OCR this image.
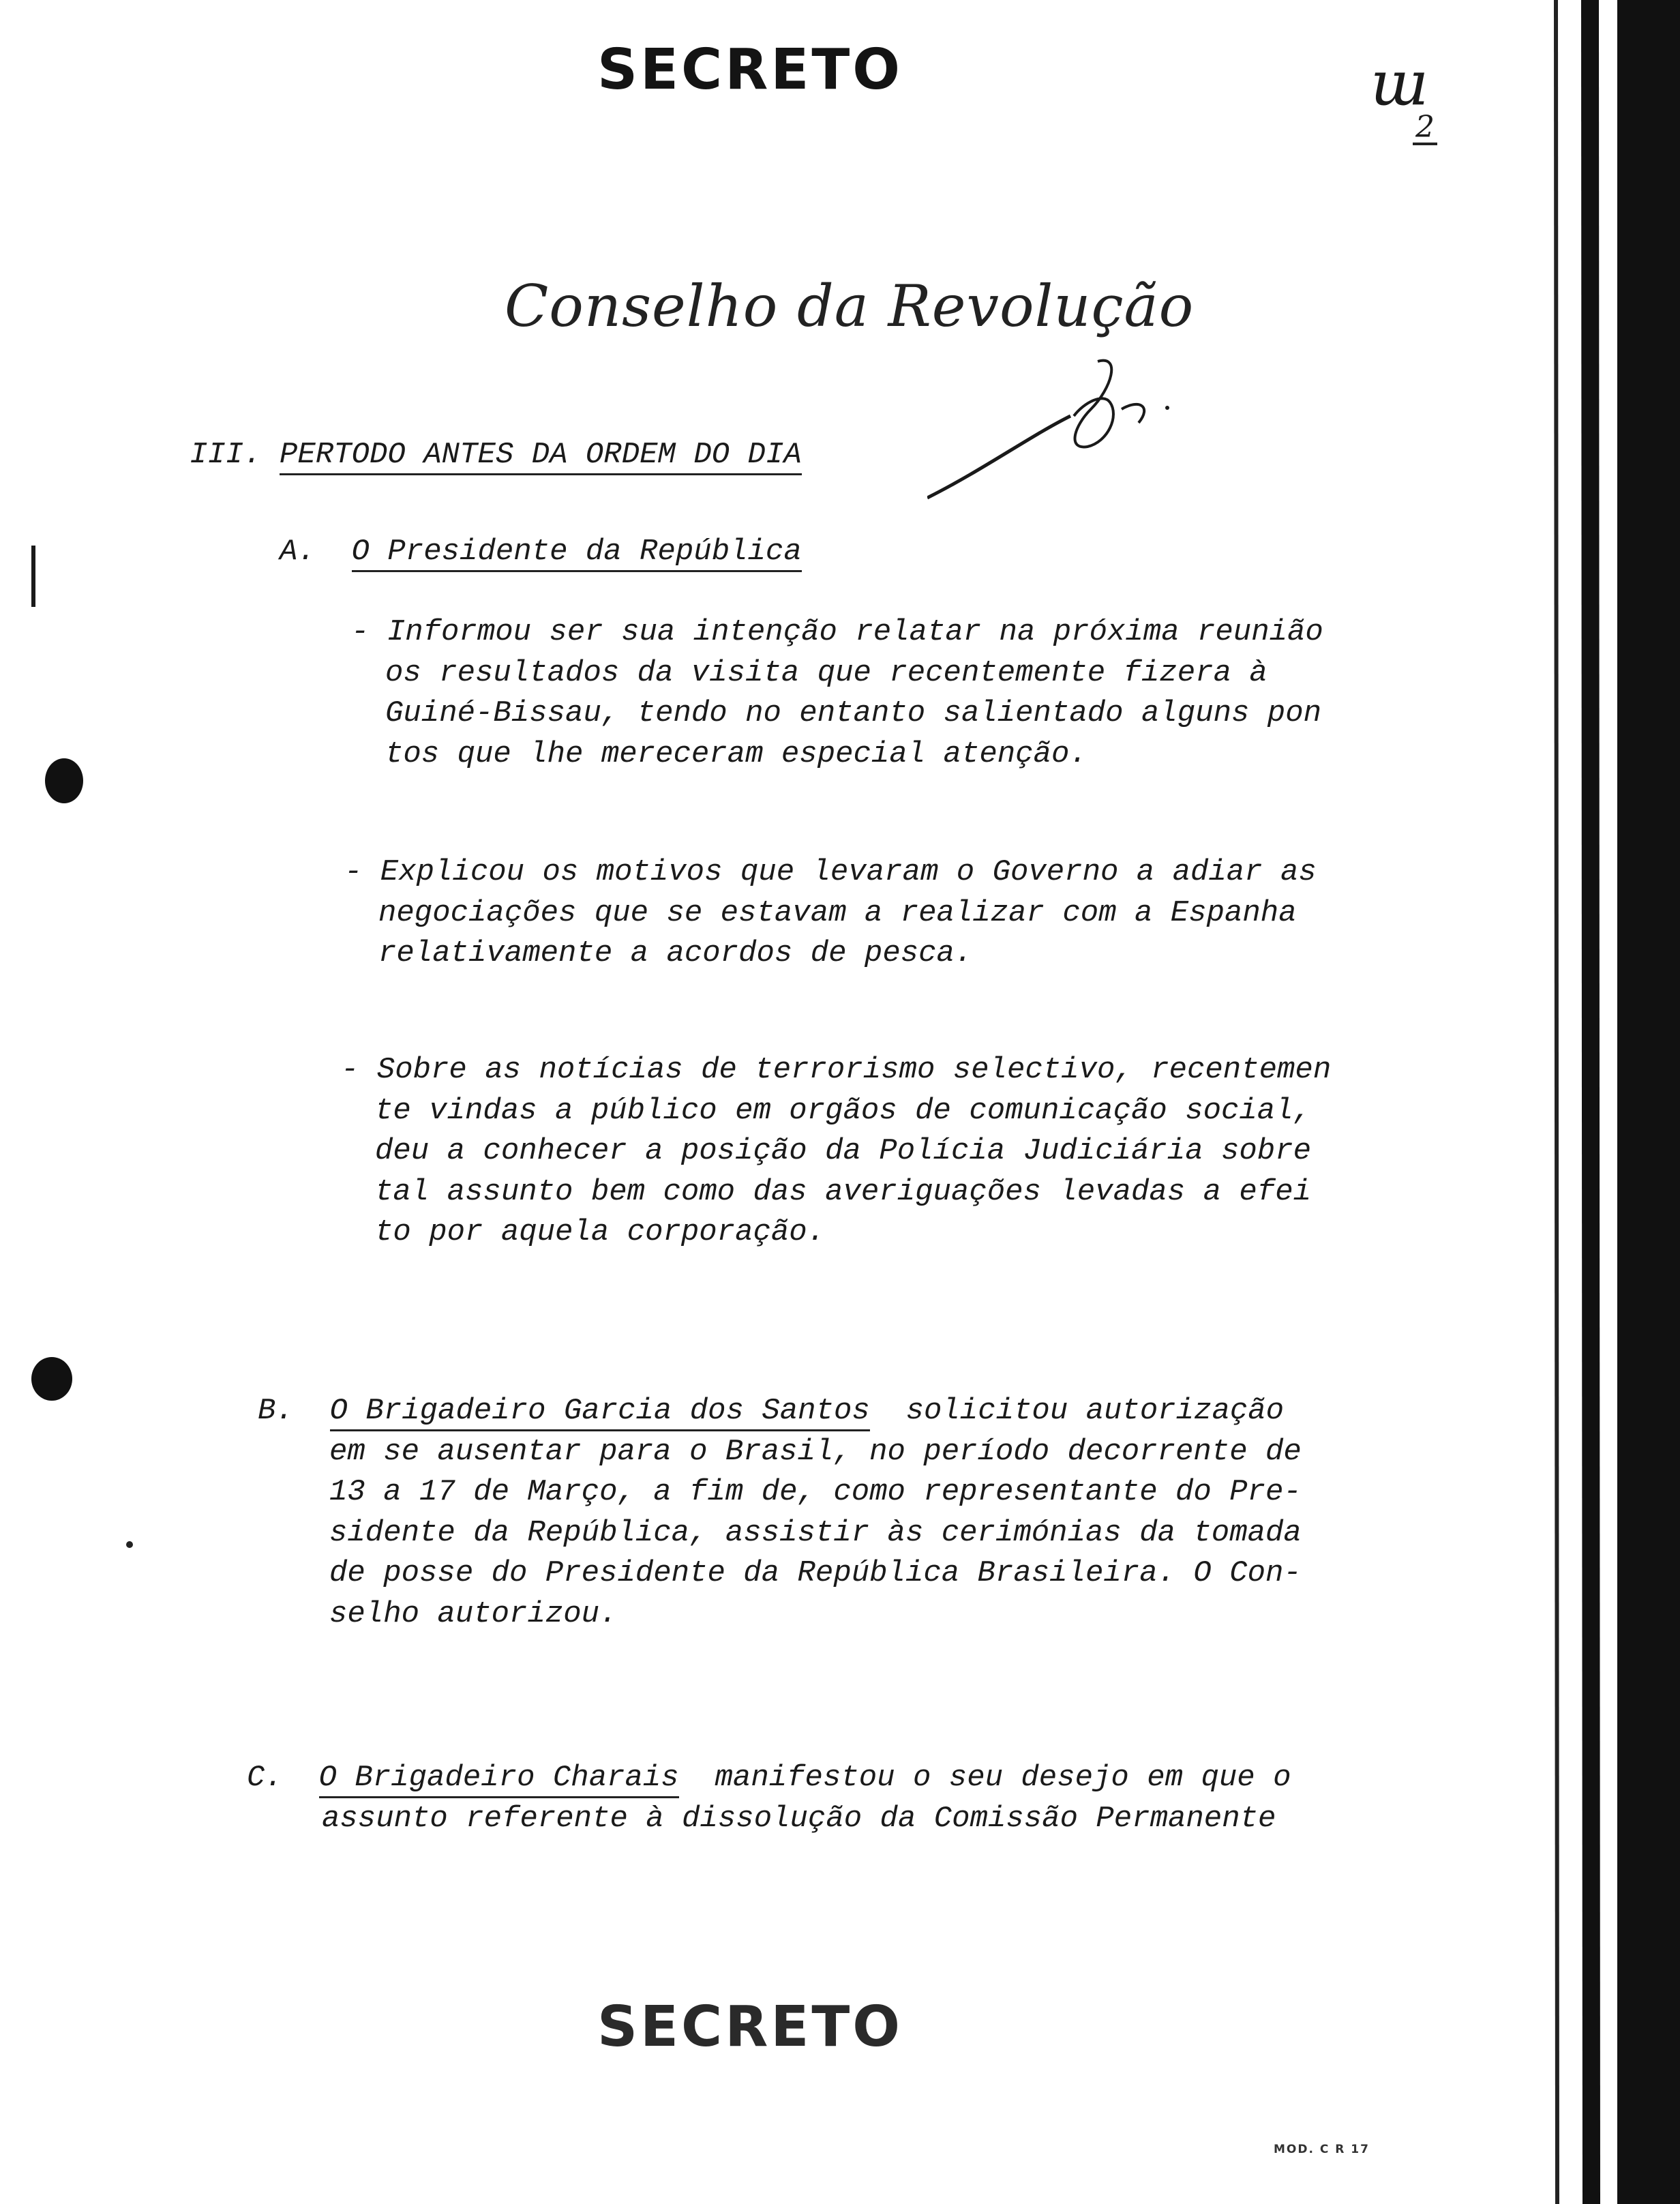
SECRETO	ɯ
2
Conselho da Revolução
III. PERTODO ANTES DA ORDEM DO DIA
A. O Presidente da República
- Informou ser sua intenção relatar na próxima reunião
os resultados da visita que recentemente fizera à
Guiné-Bissau, tendo no entanto salientado alguns pon
tos que lhe mereceram especial atenção.
- Explicou os motivos que levaram o Governo a adiar as
negociações que se estavam a realizar com a Espanha
relativamente a acordos de pesca.
- Sobre as notícias de terrorismo selectivo, recentemen
te vindas a público em orgãos de comunicação social,
deu a conhecer a posição da Polícia Judiciária sobre
tal assunto bem como das averiguações levadas a efei
to por aquela corporação.
B. O Brigadeiro Garcia dos Santos solicitou autorização
em se ausentar para o Brasil, no período decorrente de
13 a 17 de Março, a fim de, como representante do Pre-
sidente da República, assistir às cerimónias da tomada
de posse do Presidente da República Brasileira. O Con-
selho autorizou.
C. O Brigadeiro Charais manifestou o seu desejo em que o
assunto referente à dissolução da Comissão Permanente
SECRETO
MOD. C R 17
